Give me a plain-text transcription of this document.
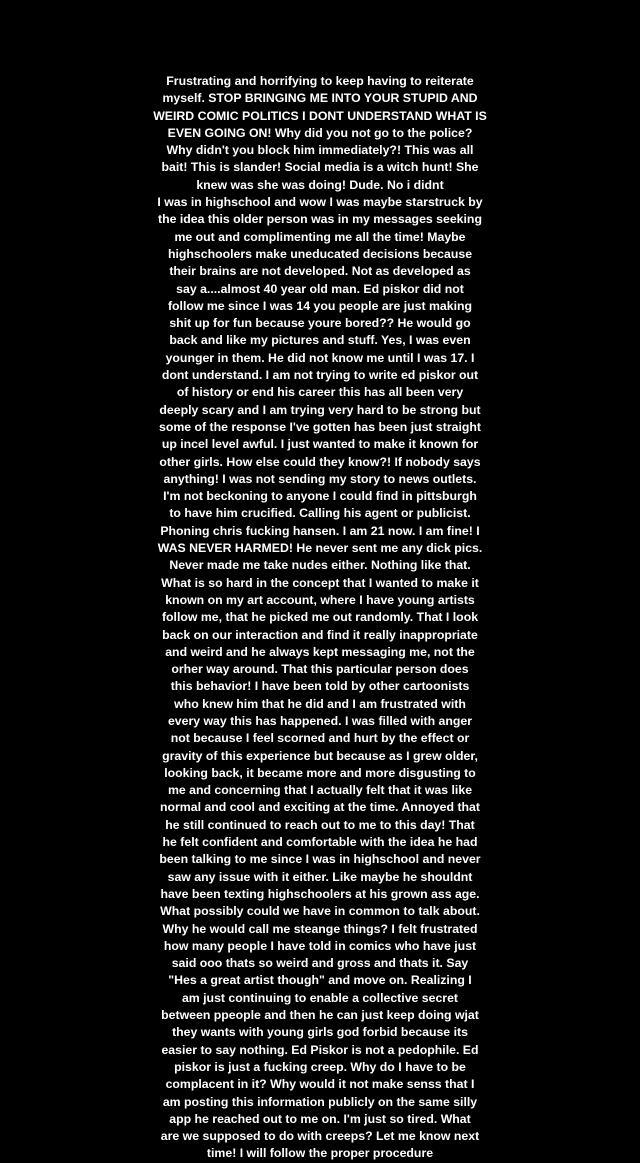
Frustrating and horrifying to keep having to reiterate
myself. STOP BRINGING ME INTO YOUR STUPID AND
WEIRD COMIC POLITICS I DONT UNDERSTAND WHAT IS
EVEN GOING ON! Why did you not go to the police?
Why didn't you block him immediately?! This was all
bait! This is slander! Social media is a witch hunt! She
knew was she was doing! Dude. No i didnt
I was in highschool and wow I was maybe starstruck by
the idea this older person was in my messages seeking
me out and complimenting me all the time! Maybe
highschoolers make uneducated decisions because
their brains are not developed. Not as developed as
say a....almost 40 year old man. Ed piskor did not
follow me since I was 14 you people are just making
shit up for fun because youre bored?? He would go
back and like my pictures and stuff. Yes, I was even
younger in them. He did not know me until I was 17. I
dont understand. I am not trying to write ed piskor out
of history or end his career this has all been very
deeply scary and I am trying very hard to be strong but
some of the response I've gotten has been just straight
up incel level awful. I just wanted to make it known for
other girls. How else could they know?! If nobody says
anything! I was not sending my story to news outlets.
I'm not beckoning to anyone I could find in pittsburgh
to have him crucified. Calling his agent or publicist.
Phoning chris fucking hansen. I am 21 now. I am fine! I
WAS NEVER HARMED! He never sent me any dick pics.
Never made me take nudes either. Nothing like that.
What is so hard in the concept that I wanted to make it
known on my art account, where I have young artists
follow me, that he picked me out randomly. That I look
back on our interaction and find it really inappropriate
and weird and he always kept messaging me, not the
orher way around. That this particular person does
this behavior! I have been told by other cartoonists
who knew him that he did and I am frustrated with
every way this has happened. I was filled with anger
not because I feel scorned and hurt by the effect or
gravity of this experience but because as I grew older,
looking back, it became more and more disgusting to
me and concerning that I actually felt that it was like
normal and cool and exciting at the time. Annoyed that
he still continued to reach out to me to this day! That
he felt confident and comfortable with the idea he had
been talking to me since I was in highschool and never
saw any issue with it either. Like maybe he shouldnt
have been texting highschoolers at his grown ass age.
What possibly could we have in common to talk about.
Why he would call me steange things? I felt frustrated
how many people I have told in comics who have just
said ooo thats so weird and gross and thats it. Say
"Hes a great artist though" and move on. Realizing I
am just continuing to enable a collective secret
between ppeople and then he can just keep doing wjat
they wants with young girls god forbid because its
easier to say nothing. Ed Piskor is not a pedophile. Ed
piskor is just a fucking creep. Why do I have to be
complacent in it? Why would it not make senss that I
am posting this information publicly on the same silly
app he reached out to me on. I'm just so tired. What
are we supposed to do with creeps? Let me know next
time! I will follow the proper procedure
